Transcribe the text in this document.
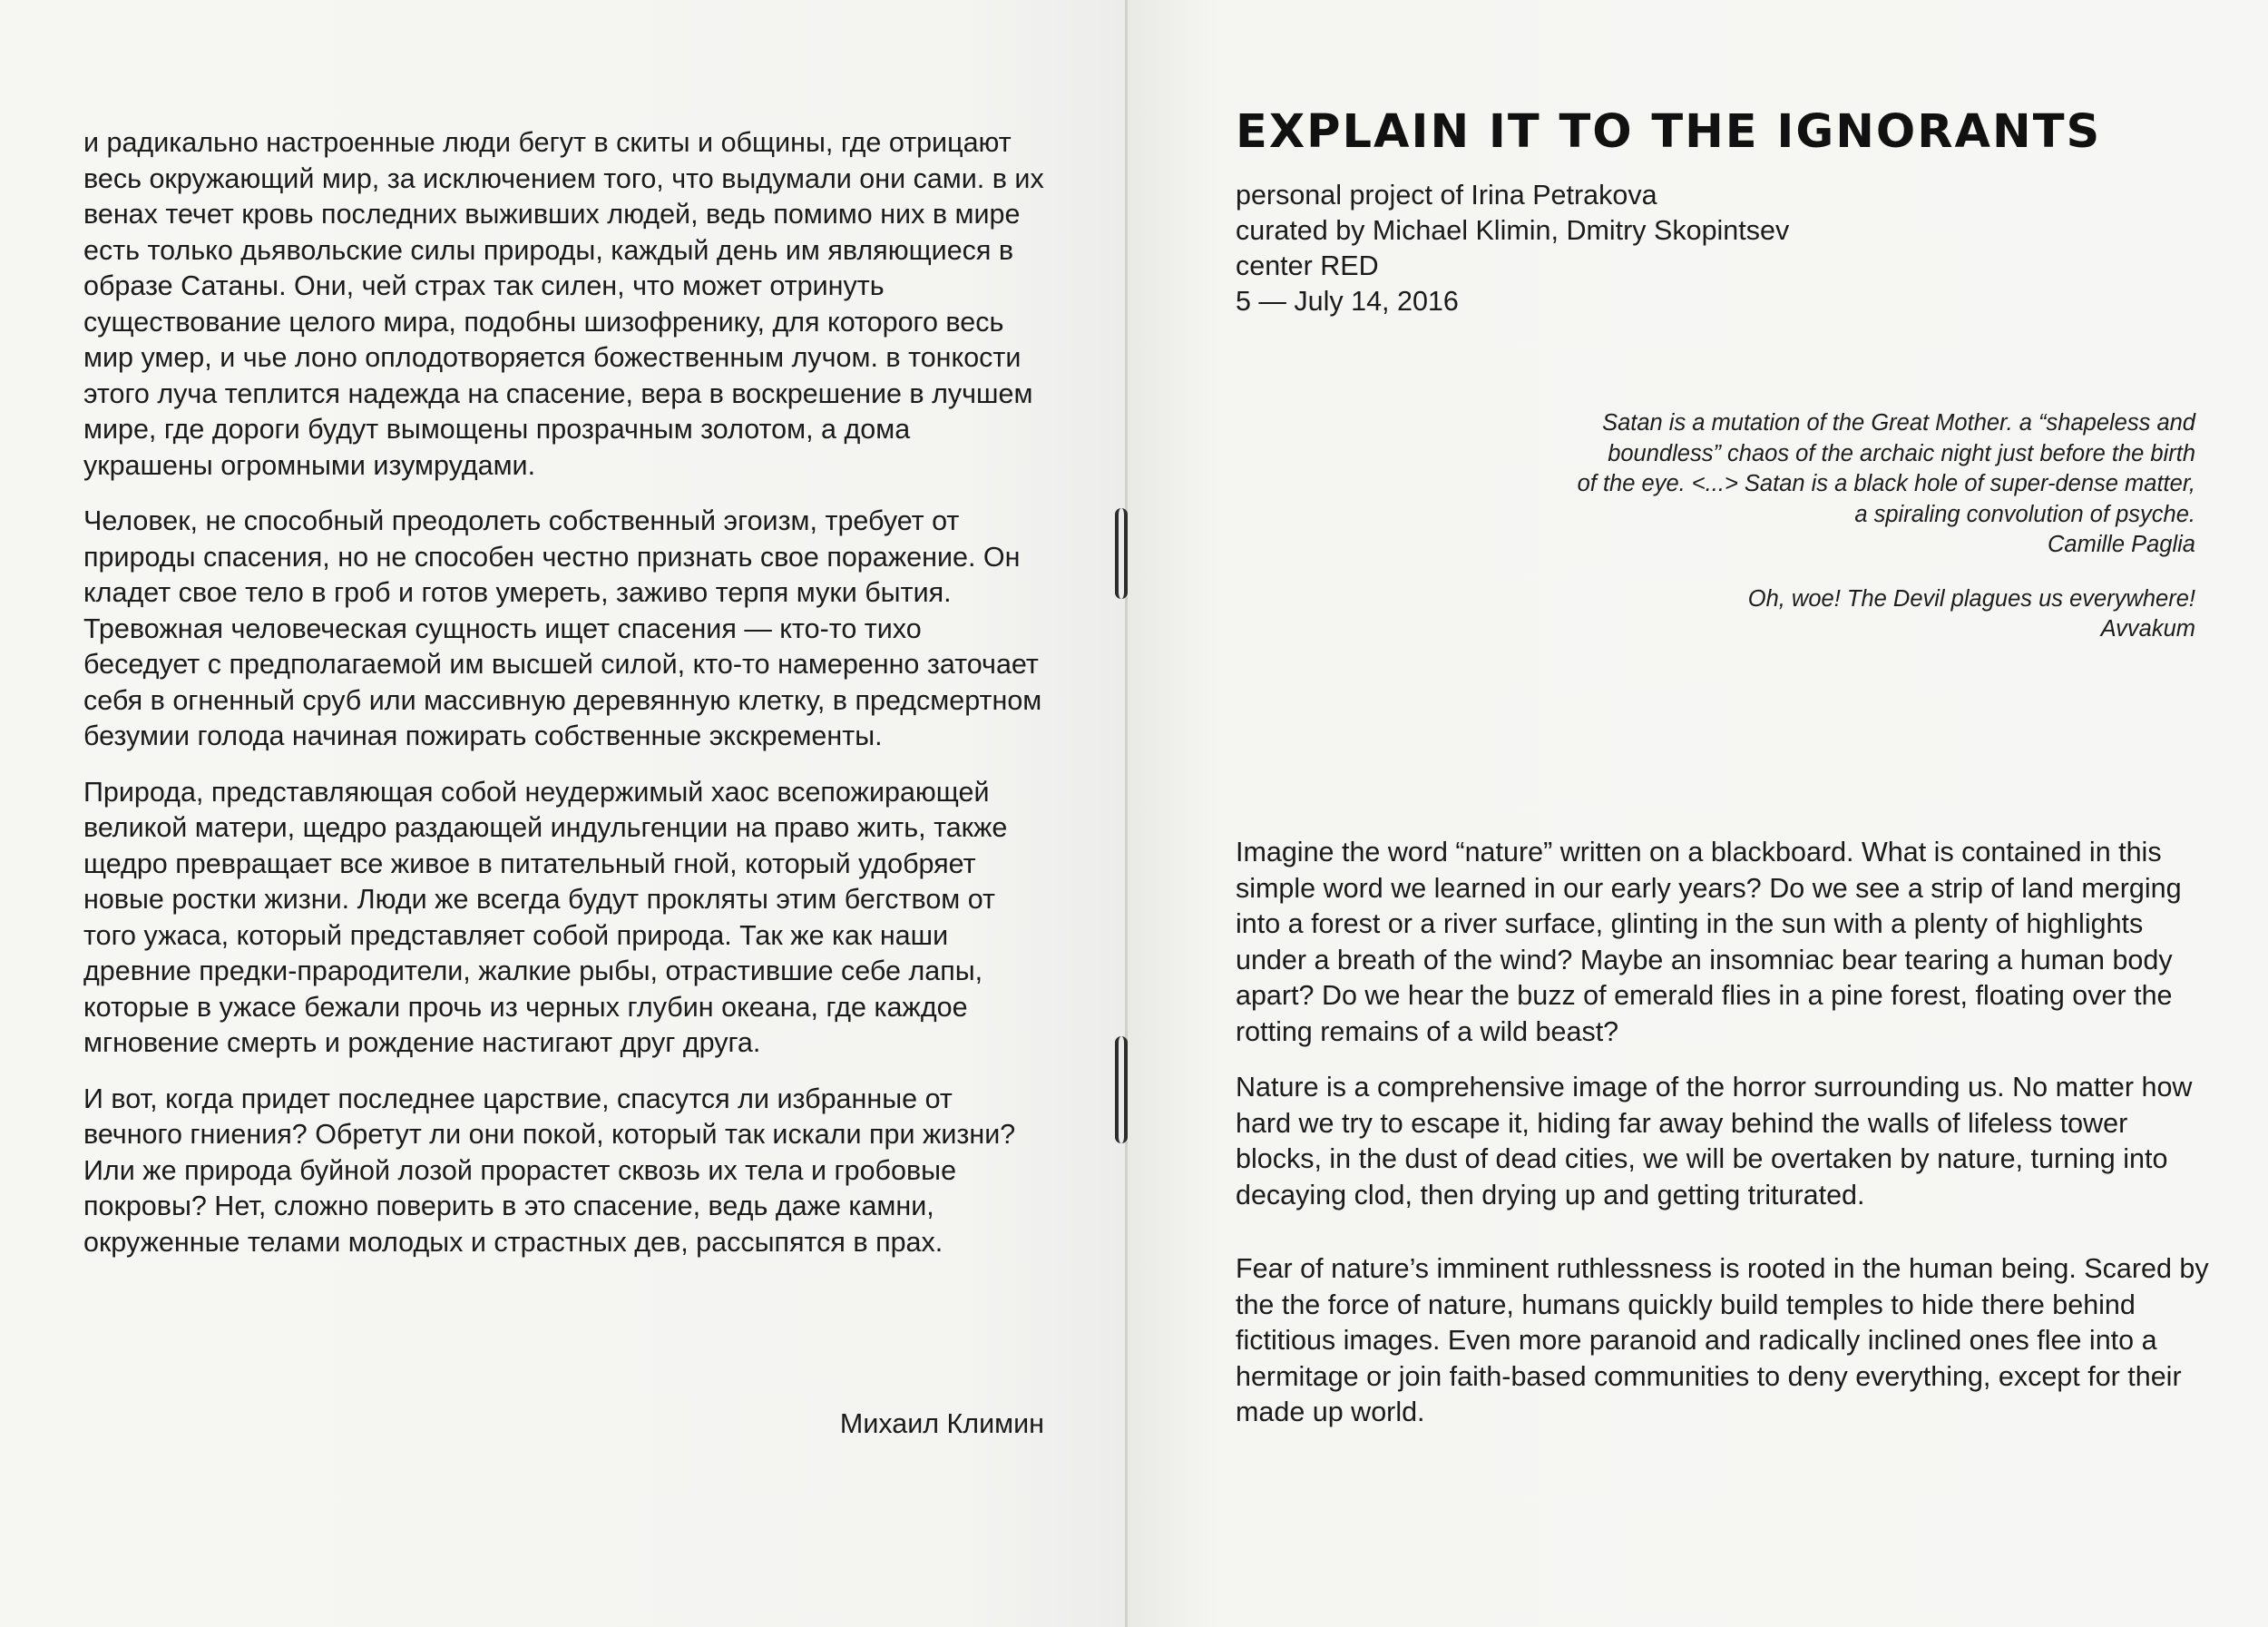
и радикально настроенные люди бегут в скиты и общины, где отрицают весь окружающий мир, за исключением того, что выдумали они сами. в их венах течет кровь последних выживших людей, ведь помимо них в мире есть только дьявольские силы природы, каждый день им являющиеся в образе Сатаны. Они, чей страх так силен, что может отринуть существование целого мира, подобны шизофренику, для которого весь мир умер, и чье лоно оплодотворяется божественным лучом. в тонкости этого луча теплится надежда на спасение, вера в воскрешение в лучшем мире, где дороги будут вымощены прозрачным золотом, а дома украшены огромными изумрудами.

Человек, не способный преодолеть собственный эгоизм, требует от природы спасения, но не способен честно признать свое поражение. Он кладет свое тело в гроб и готов умереть, заживо терпя муки бытия. Тревожная человеческая сущность ищет спасения — кто-то тихо беседует с предполагаемой им высшей силой, кто-то намеренно заточает себя в огненный сруб или массивную деревянную клетку, в предсмертном безумии голода начиная пожирать собственные экскременты.

Природа, представляющая собой неудержимый хаос всепожирающей великой матери, щедро раздающей индульгенции на право жить, также щедро превращает все живое в питательный гной, который удобряет новые ростки жизни. Люди же всегда будут прокляты этим бегством от того ужаса, который представляет собой природа. Так же как наши древние предки-прародители, жалкие рыбы, отрастившие себе лапы, которые в ужасе бежали прочь из черных глубин океана, где каждое мгновение смерть и рождение настигают друг друга.

И вот, когда придет последнее царствие, спасутся ли избранные от вечного гниения? Обретут ли они покой, который так искали при жизни? Или же природа буйной лозой прорастет сквозь их тела и гробовые покровы? Нет, сложно поверить в это спасение, ведь даже камни, окруженные телами молодых и страстных дев, рассыпятся в прах.

Михаил Климин

EXPLAIN IT TO THE IGNORANTS
personal project of Irina Petrakova
curated by Michael Klimin, Dmitry Skopintsev
center RED
5 — July 14, 2016
Satan is a mutation of the Great Mother. a “shapeless and
boundless” chaos of the archaic night just before the birth
of the eye. <...> Satan is a black hole of super-dense matter,
a spiraling convolution of psyche.
Camille Paglia
Oh, woe! The Devil plagues us everywhere!
Avvakum

Imagine the word “nature” written on a blackboard. What is contained in this simple word we learned in our early years? Do we see a strip of land merging into a forest or a river surface, glinting in the sun with a plenty of highlights under a breath of the wind? Maybe an insomniac bear tearing a human body apart? Do we hear the buzz of emerald flies in a pine forest, floating over the rotting remains of a wild beast?

Nature is a comprehensive image of the horror surrounding us. No matter how hard we try to escape it, hiding far away behind the walls of lifeless tower blocks, in the dust of dead cities, we will be overtaken by nature, turning into decaying clod, then drying up and getting triturated.

Fear of nature’s imminent ruthlessness is rooted in the human being. Scared by the the force of nature, humans quickly build temples to hide there behind fictitious images. Even more paranoid and radically inclined ones flee into a hermitage or join faith-based communities to deny everything, except for their made up world.
